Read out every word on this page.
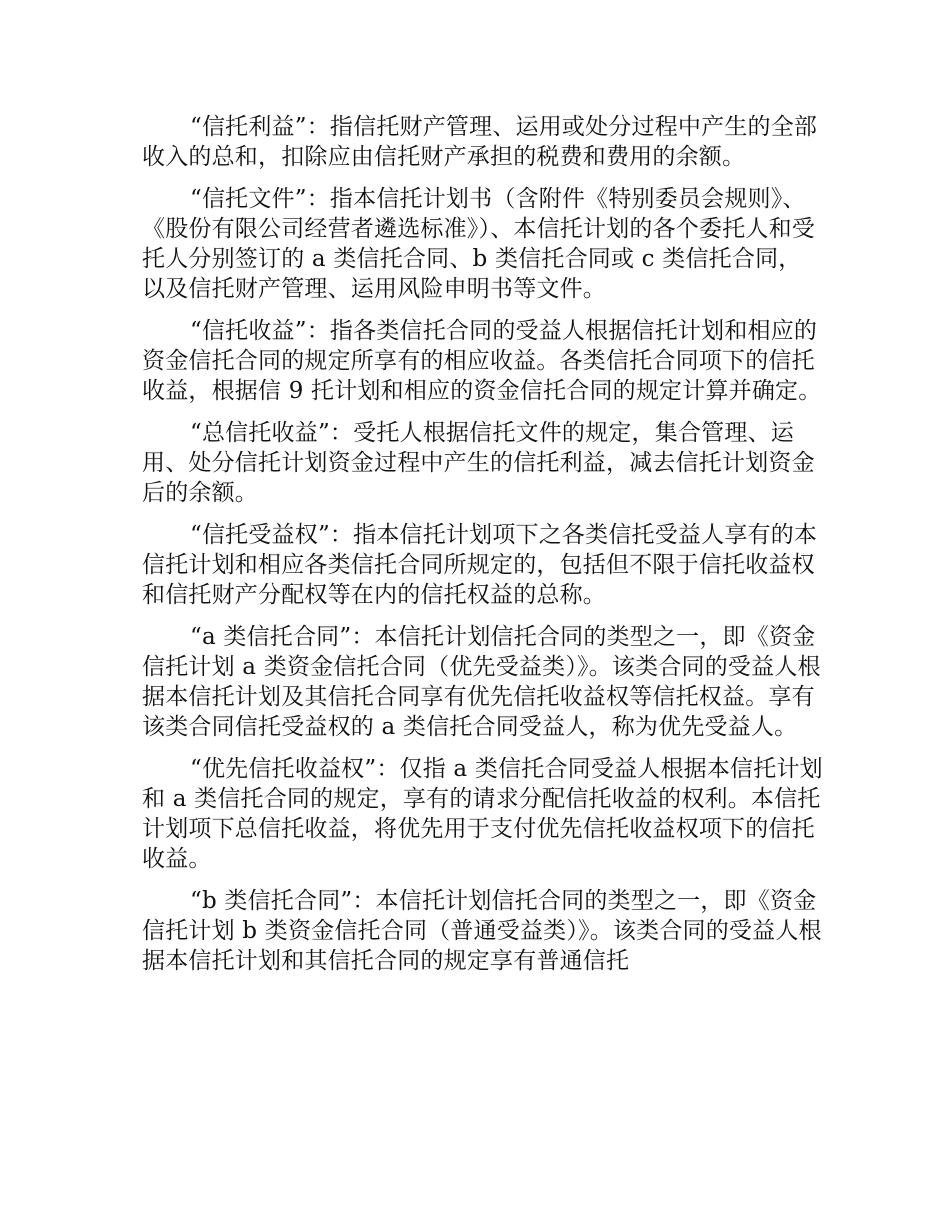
“信托利益”：指信托财产管理、运用或处分过程中产生的全部收入的总和，扣除应由信托财产承担的税费和费用的余额。

“信托文件”：指本信托计划书（含附件《特别委员会规则》、《股份有限公司经营者遴选标准》）、本信托计划的各个委托人和受托人分别签订的 a 类信托合同、b 类信托合同或 c 类信托合同，以及信托财产管理、运用风险申明书等文件。

“信托收益”：指各类信托合同的受益人根据信托计划和相应的资金信托合同的规定所享有的相应收益。各类信托合同项下的信托收益，根据信 9 托计划和相应的资金信托合同的规定计算并确定。

“总信托收益”：受托人根据信托文件的规定，集合管理、运用、处分信托计划资金过程中产生的信托利益，减去信托计划资金后的余额。

“信托受益权”：指本信托计划项下之各类信托受益人享有的本信托计划和相应各类信托合同所规定的，包括但不限于信托收益权和信托财产分配权等在内的信托权益的总称。

“a 类信托合同”：本信托计划信托合同的类型之一，即《资金信托计划 a 类资金信托合同（优先受益类）》。该类合同的受益人根据本信托计划及其信托合同享有优先信托收益权等信托权益。享有该类合同信托受益权的 a 类信托合同受益人，称为优先受益人。

“优先信托收益权”：仅指 a 类信托合同受益人根据本信托计划和 a 类信托合同的规定，享有的请求分配信托收益的权利。本信托计划项下总信托收益，将优先用于支付优先信托收益权项下的信托收益。

“b 类信托合同”：本信托计划信托合同的类型之一，即《资金信托计划 b 类资金信托合同（普通受益类）》。该类合同的受益人根据本信托计划和其信托合同的规定享有普通信托
